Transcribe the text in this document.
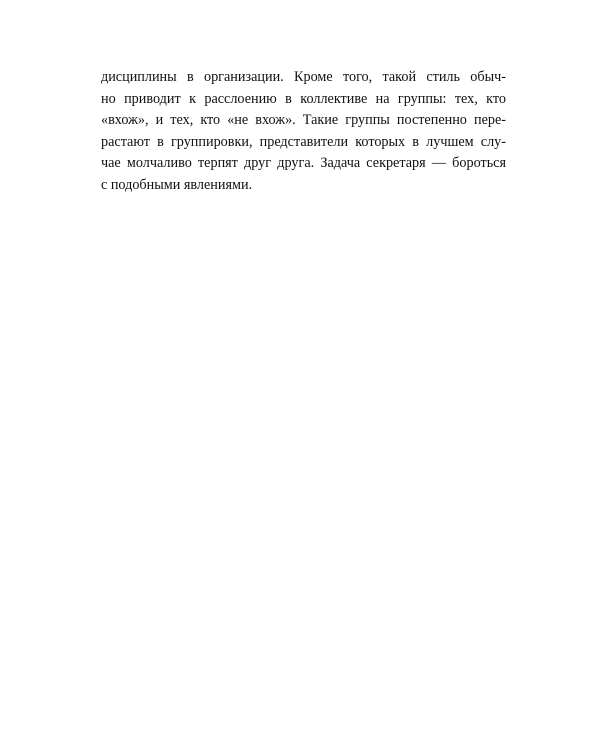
дисциплины в организации. Кроме того, такой стиль обыч-
но приводит к расслоению в коллективе на группы: тех, кто
«вхож», и тех, кто «не вхож». Такие группы постепенно пере-
растают в группировки, представители которых в лучшем слу-
чае молчаливо терпят друг друга. Задача секретаря — бороться
с подобными явлениями.
